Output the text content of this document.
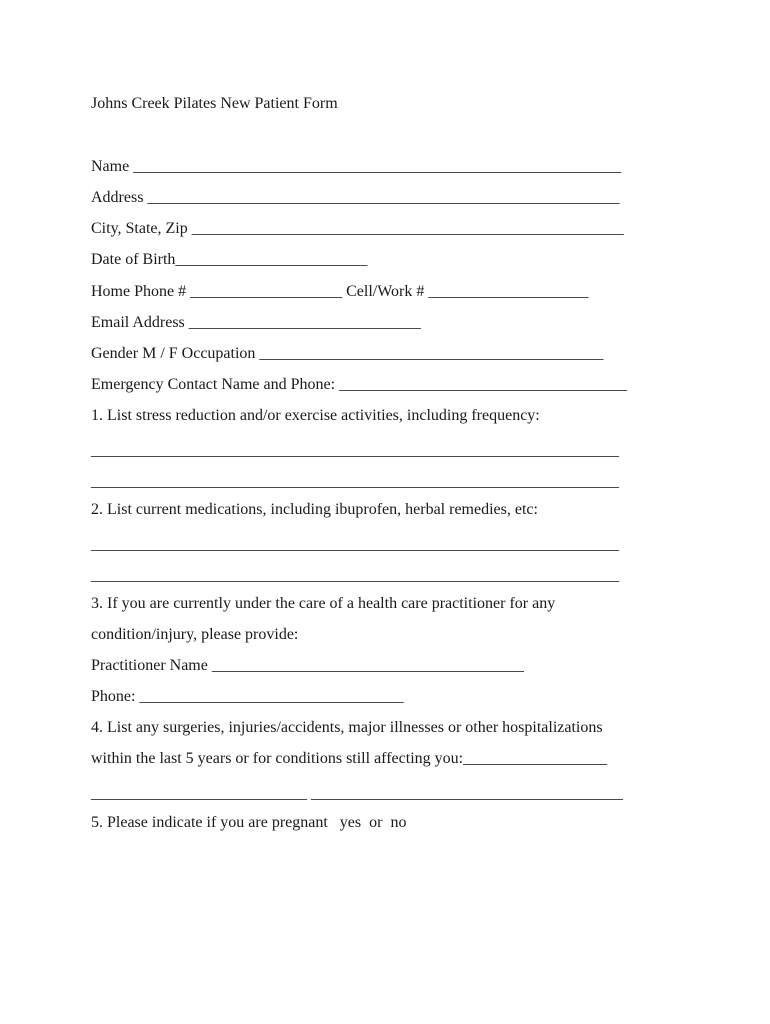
Johns Creek Pilates New Patient Form
Name _____________________________________________________________
Address ___________________________________________________________
City, State, Zip ______________________________________________________
Date of Birth________________________
Home Phone # ___________________ Cell/Work # ____________________
Email Address _____________________________
Gender M / F Occupation ___________________________________________
Emergency Contact Name and Phone: ____________________________________
1. List stress reduction and/or exercise activities, including frequency:
__________________________________________________________________
__________________________________________________________________
2. List current medications, including ibuprofen, herbal remedies, etc:
__________________________________________________________________
__________________________________________________________________
3. If you are currently under the care of a health care practitioner for any
condition/injury, please provide:
Practitioner Name _______________________________________
Phone: _________________________________
4. List any surgeries, injuries/accidents, major illnesses or other hospitalizations
within the last 5 years or for conditions still affecting you:__________________
___________________________ _______________________________________
5. Please indicate if you are pregnant   yes  or  no
